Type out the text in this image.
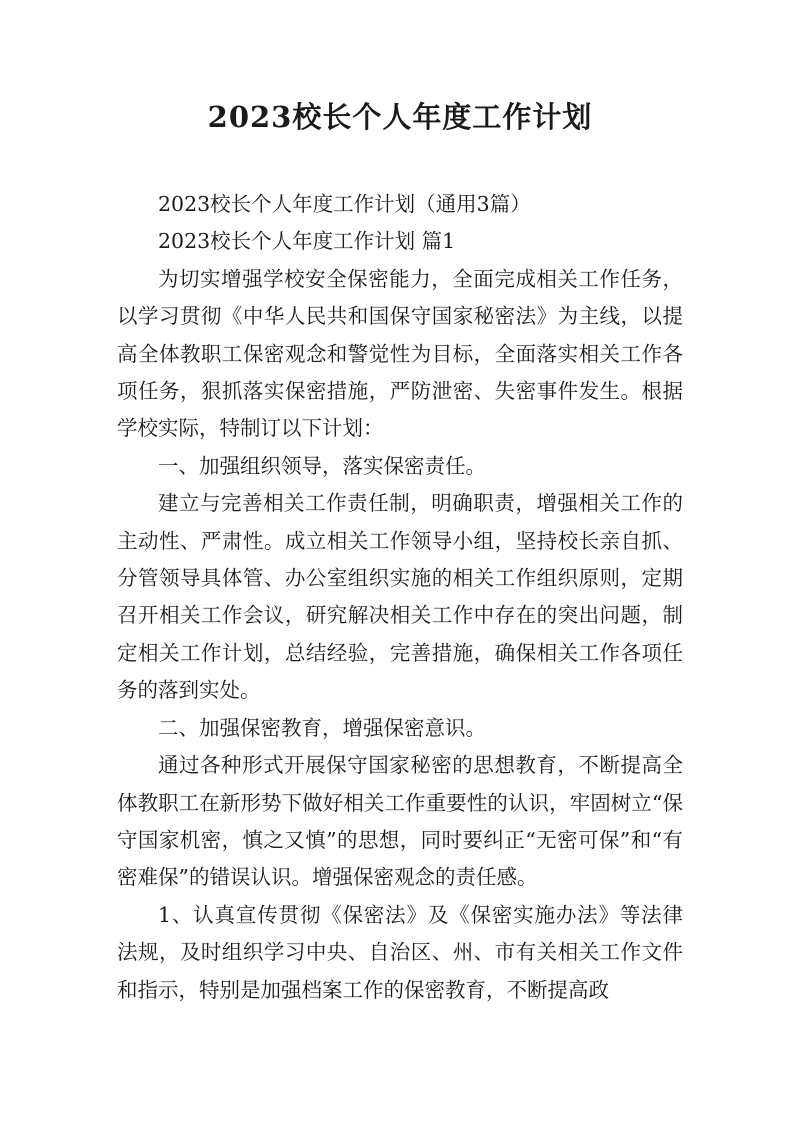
2023校长个人年度工作计划

2023校长个人年度工作计划（通用3篇）

2023校长个人年度工作计划 篇1

为切实增强学校安全保密能力，全面完成相关工作任务，以学习贯彻《中华人民共和国保守国家秘密法》为主线，以提高全体教职工保密观念和警觉性为目标，全面落实相关工作各项任务，狠抓落实保密措施，严防泄密、失密事件发生。根据学校实际，特制订以下计划：

一、加强组织领导，落实保密责任。

建立与完善相关工作责任制，明确职责，增强相关工作的主动性、严肃性。成立相关工作领导小组，坚持校长亲自抓、分管领导具体管、办公室组织实施的相关工作组织原则，定期召开相关工作会议，研究解决相关工作中存在的突出问题，制定相关工作计划，总结经验，完善措施，确保相关工作各项任务的落到实处。

二、加强保密教育，增强保密意识。

通过各种形式开展保守国家秘密的思想教育，不断提高全体教职工在新形势下做好相关工作重要性的认识，牢固树立“保守国家机密，慎之又慎”的思想，同时要纠正“无密可保”和“有密难保”的错误认识。增强保密观念的责任感。

1、认真宣传贯彻《保密法》及《保密实施办法》等法律法规，及时组织学习中央、自治区、州、市有关相关工作文件和指示，特别是加强档案工作的保密教育，不断提高政
